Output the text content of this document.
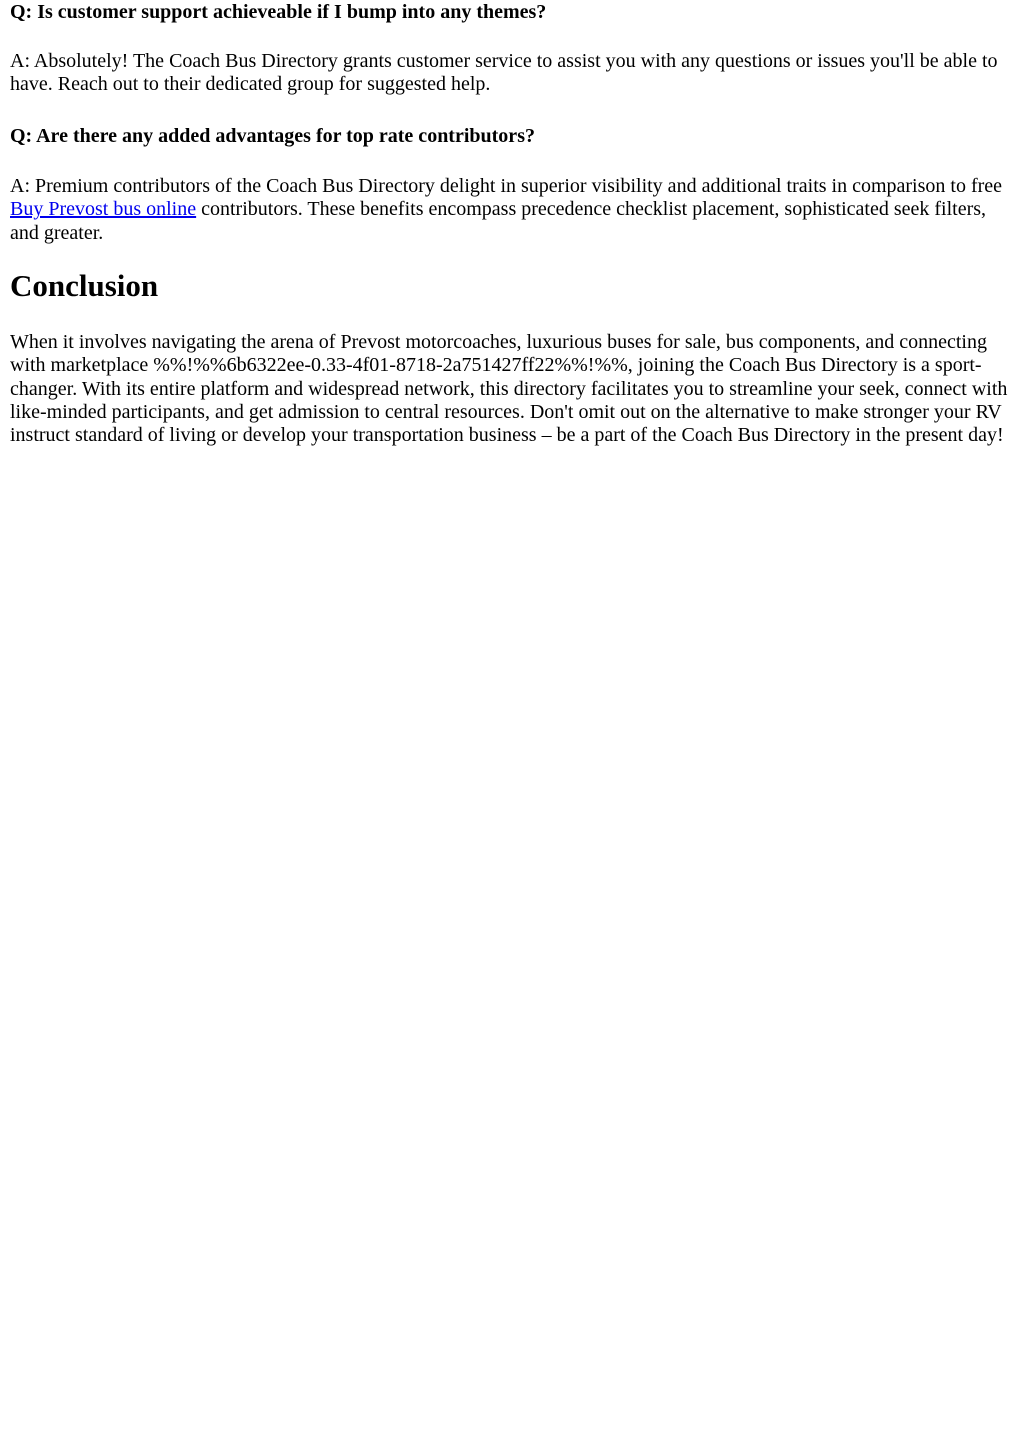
Q: Is customer support achieveable if I bump into any themes?

A: Absolutely! The Coach Bus Directory grants customer service to assist you with any questions or issues you'll be able to have. Reach out to their dedicated group for suggested help.

Q: Are there any added advantages for top rate contributors?

A: Premium contributors of the Coach Bus Directory delight in superior visibility and additional traits in comparison to free Buy Prevost bus online contributors. These benefits encompass precedence checklist placement, sophisticated seek filters, and greater.

Conclusion

When it involves navigating the arena of Prevost motorcoaches, luxurious buses for sale, bus components, and connecting with marketplace %%!%%6b6322ee-0.33-4f01-8718-2a751427ff22%%!%%, joining the Coach Bus Directory is a sport-changer. With its entire platform and widespread network, this directory facilitates you to streamline your seek, connect with like-minded participants, and get admission to central resources. Don't omit out on the alternative to make stronger your RV instruct standard of living or develop your transportation business – be a part of the Coach Bus Directory in the present day!
